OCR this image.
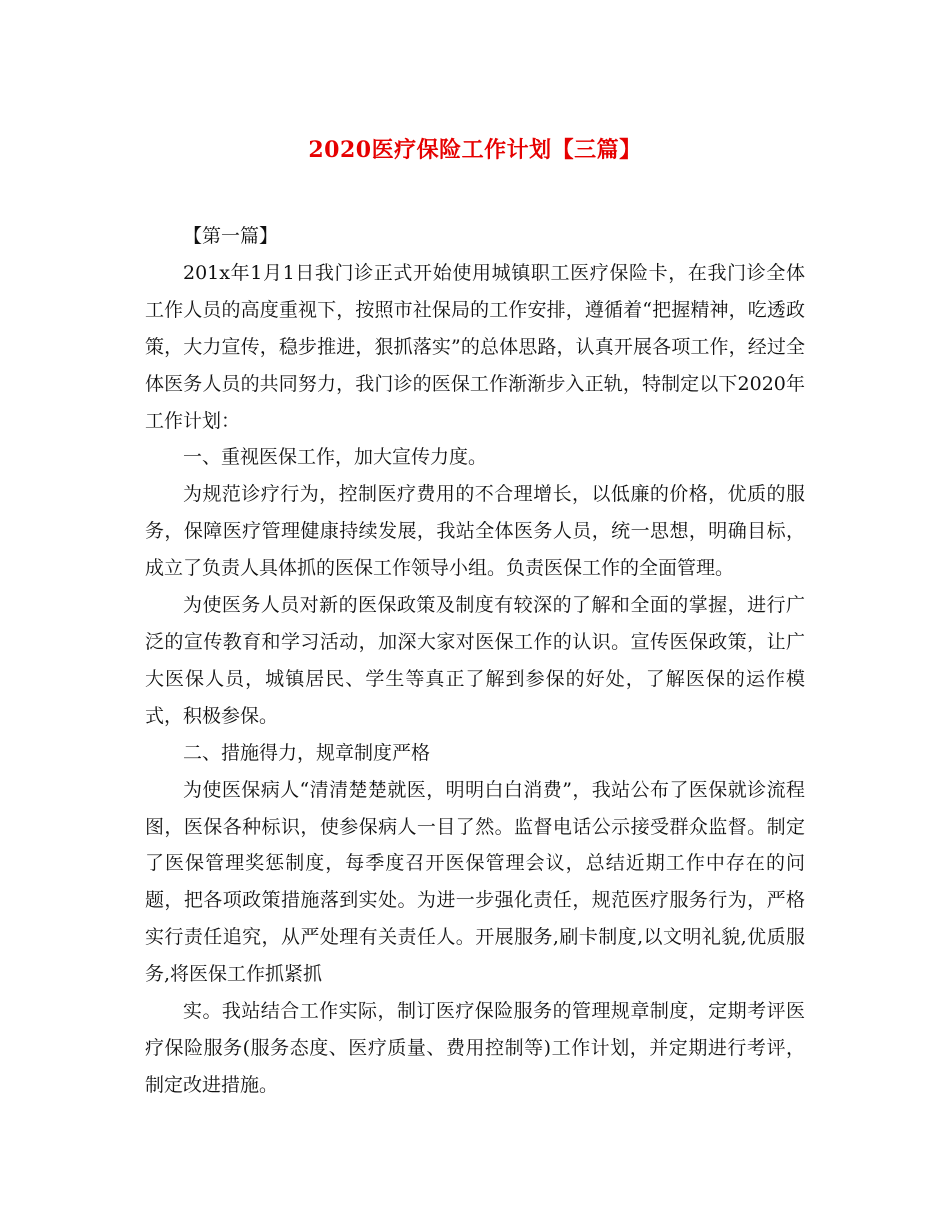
2020医疗保险工作计划【三篇】

【第一篇】

201x年1月1日我门诊正式开始使用城镇职工医疗保险卡，在我门诊全体工作人员的高度重视下，按照市社保局的工作安排，遵循着“把握精神，吃透政策，大力宣传，稳步推进，狠抓落实”的总体思路，认真开展各项工作，经过全体医务人员的共同努力，我门诊的医保工作渐渐步入正轨，特制定以下2020年工作计划：

一、重视医保工作，加大宣传力度。

为规范诊疗行为，控制医疗费用的不合理增长，以低廉的价格，优质的服务，保障医疗管理健康持续发展，我站全体医务人员，统一思想，明确目标，成立了负责人具体抓的医保工作领导小组。负责医保工作的全面管理。

为使医务人员对新的医保政策及制度有较深的了解和全面的掌握，进行广泛的宣传教育和学习活动，加深大家对医保工作的认识。宣传医保政策，让广大医保人员，城镇居民、学生等真正了解到参保的好处，了解医保的运作模式，积极参保。

二、措施得力，规章制度严格

为使医保病人“清清楚楚就医，明明白白消费”，我站公布了医保就诊流程图，医保各种标识，使参保病人一目了然。监督电话公示接受群众监督。制定了医保管理奖惩制度，每季度召开医保管理会议，总结近期工作中存在的问题，把各项政策措施落到实处。为进一步强化责任，规范医疗服务行为，严格实行责任追究，从严处理有关责任人。开展服务,刷卡制度,以文明礼貌,优质服务,将医保工作抓紧抓

实。我站结合工作实际，制订医疗保险服务的管理规章制度，定期考评医疗保险服务(服务态度、医疗质量、费用控制等)工作计划，并定期进行考评，制定改进措施。
